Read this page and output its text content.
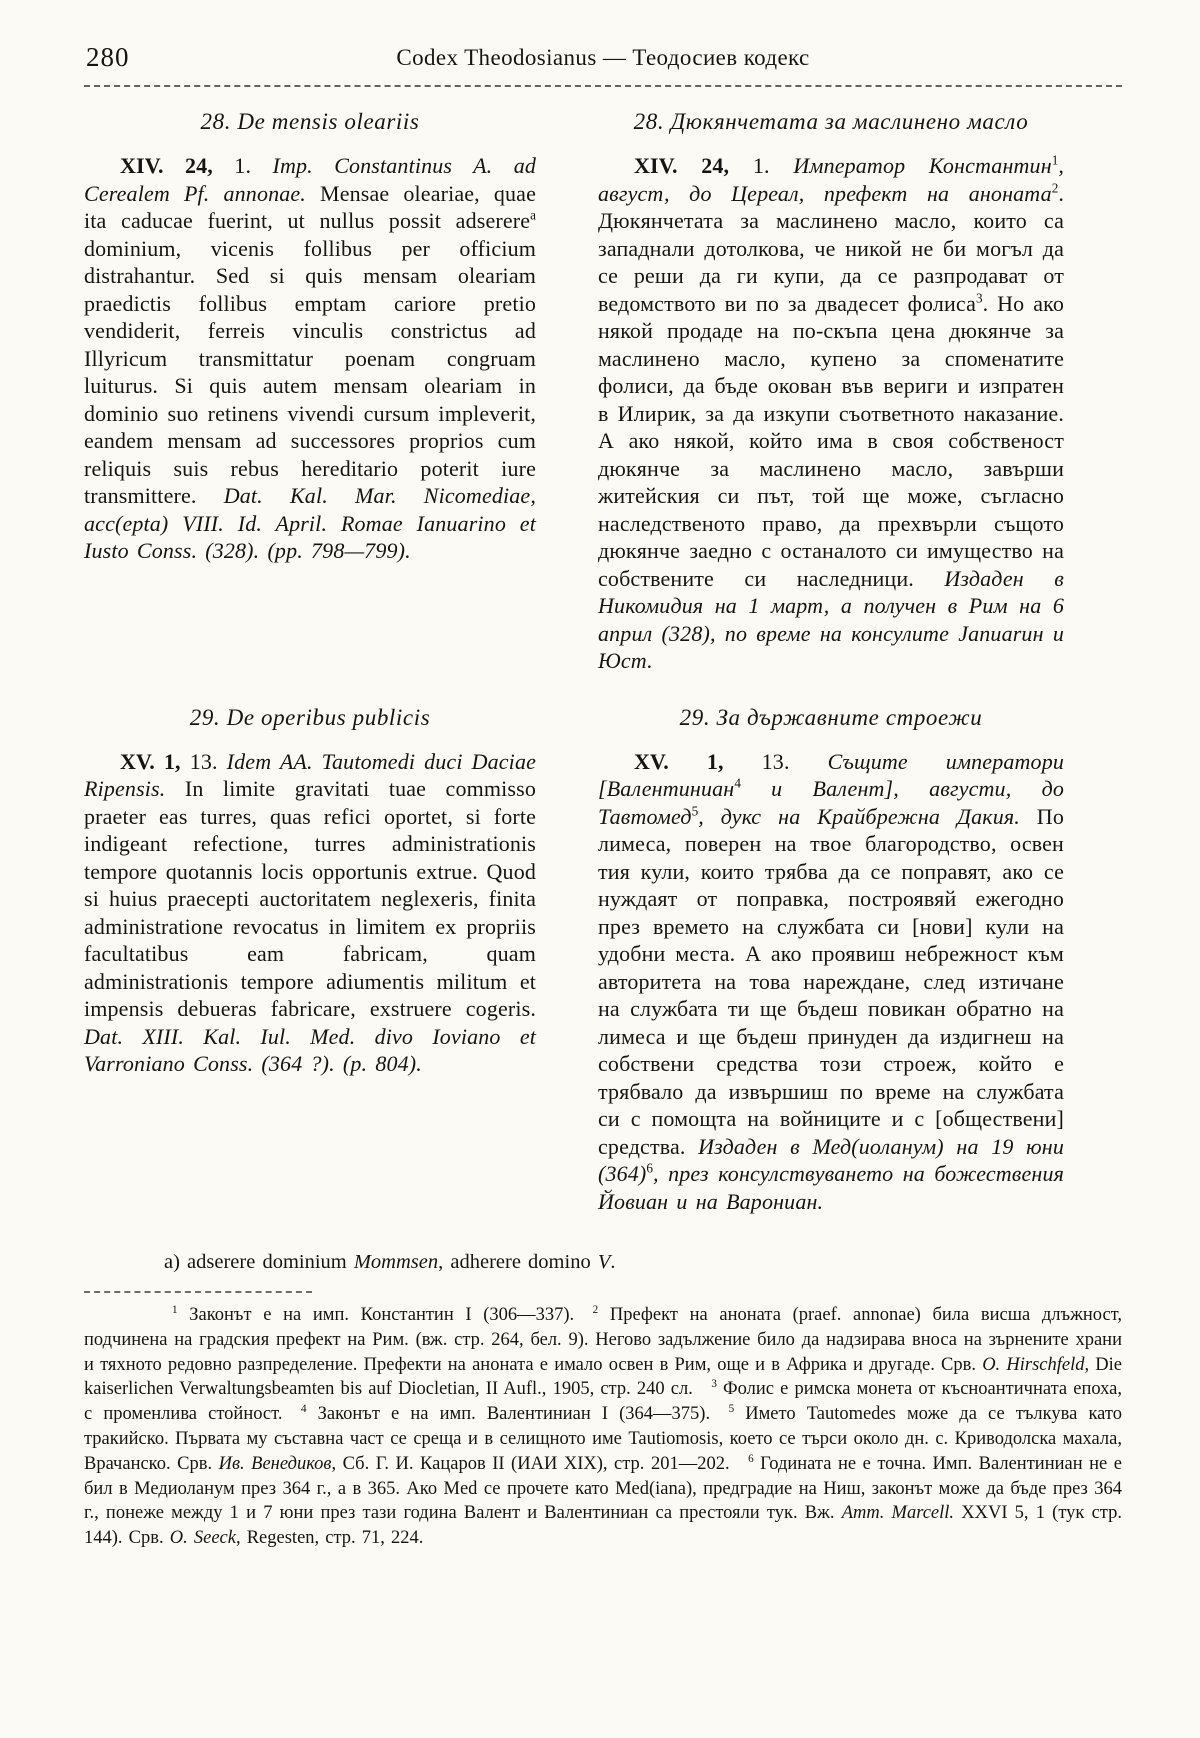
280	Codex Theodosianus — Теодосиев кодекс
28. De mensis oleariis

XIV. 24, 1. Imp. Constantinus A. ad Cerealem Pf. annonae. Mensae oleariae, quae ita caducae fuerint, ut nullus possit adserere$^a$ dominium, vicenis follibus per officium distrahantur. Sed si quis mensam oleariam praedictis follibus emptam cariore pretio vendiderit, ferreis vinculis constrictus ad Illyricum transmittatur poenam congruam luiturus. Si quis autem mensam oleariam in dominio suo retinens vivendi cursum impleverit, eandem mensam ad successores proprios cum reliquis suis rebus hereditario poterit iure transmittere. Dat. Kal. Mar. Nicomediae, acc(epta) VIII. Id. April. Romae Ianuarino et Iusto Conss. (328). (pp. 798—799).

28. Дюкянчетата за маслинено масло

XIV. 24, 1. Император Константин$^1$, август, до Цереал, префект на аноната$^2$. Дюкянчетата за маслинено масло, които са западнали дотолкова, че никой не би могъл да се реши да ги купи, да се разпродават от ведомството ви по за двадесет фолиса$^3$. Но ако някой продаде на по-скъпа цена дюкянче за маслинено масло, купено за споменатите фолиси, да бъде окован във вериги и изпратен в Илирик, за да изкупи съответното наказание. А ако някой, който има в своя собственост дюкянче за маслинено масло, завърши житейския си път, той ще може, съгласно наследственото право, да прехвърли същото дюкянче заедно с останалото си имущество на собствените си наследници. Издаден в Никомидия на 1 март, а получен в Рим на 6 април (328), по време на консулите Januarин и Юст.

29. De operibus publicis

XV. 1, 13. Idem AA. Tautomedi duci Daciae Ripensis. In limite gravitati tuae commisso praeter eas turres, quas refici oportet, si forte indigeant refectione, turres administrationis tempore quotannis locis opportunis extrue. Quod si huius praecepti auctoritatem neglexeris, finita administratione revocatus in limitem ex propriis facultatibus eam fabricam, quam administrationis tempore adiumentis militum et impensis debueras fabricare, exstruere cogeris. Dat. XIII. Kal. Iul. Med. divo Ioviano et Varroniano Conss. (364 ?). (p. 804).

29. За държавните строежи

XV. 1, 13. Същите императори [Валентиниан$^4$ и Валент], августи, до Тавтомед$^5$, дукс на Крайбрежна Дакия. По лимеса, поверен на твое благородство, освен тия кули, които трябва да се поправят, ако се нуждаят от поправка, построявяй ежегодно през времето на службата си [нови] кули на удобни места. А ако проявиш небрежност към авторитета на това нареждане, след изтичане на службата ти ще бъдеш повикан обратно на лимеса и ще бъдеш принуден да издигнеш на собствени средства този строеж, който е трябвало да извършиш по време на службата си с помощта на войниците и с [обществени] средства. Издаден в Мед(иоланум) на 19 юни $(364)^6$, през консулствуването на божествения Йовиан и на Варониан.

a) adserere dominium Mommsen, adherere domino V.

$^1$ Законът е на имп. Константин I (306—337). $^2$ Префект на аноната (praef. annonae) била висша длъжност, подчинена на градския префект на Рим. (вж. стр. 264, бел. 9). Негово задължение било да надзирава вноса на зърнените храни и тяхното редовно разпределение. Префекти на аноната е имало освен в Рим, още и в Африка и другаде. Срв. O. Hirschfeld, Die kaiserlichen Verwaltungsbeamten bis auf Diocletian, II Aufl., 1905, стр. 240 сл. $^3$ Фолис е римска монета от късноантичната епоха, с променлива стойност. $^4$ Законът е на имп. Валентиниан I (364—375). $^5$ Името Tautomedes може да се тълкува като тракийско. Първата му съставна част се среща и в селищното име Tautiomosis, което се търси около дн. с. Криводолска махала, Врачанско. Срв. Ив. Венедиков, Сб. Г. И. Кацаров II (ИАИ XIX), стр. 201—202. $^6$ Годината не е точна. Имп. Валентиниан не е бил в Медиоланум през 364 г., а в 365. Ако Med се прочете като Med(iana), предградие на Ниш, законът може да бъде през 364 г., понеже между 1 и 7 юни през тази година Валент и Валентиниан са престояли тук. Вж. Amm. Marcell. XXVI 5, 1 (тук стр. 144). Срв. O. Seeck, Regesten, стр. 71, 224.
